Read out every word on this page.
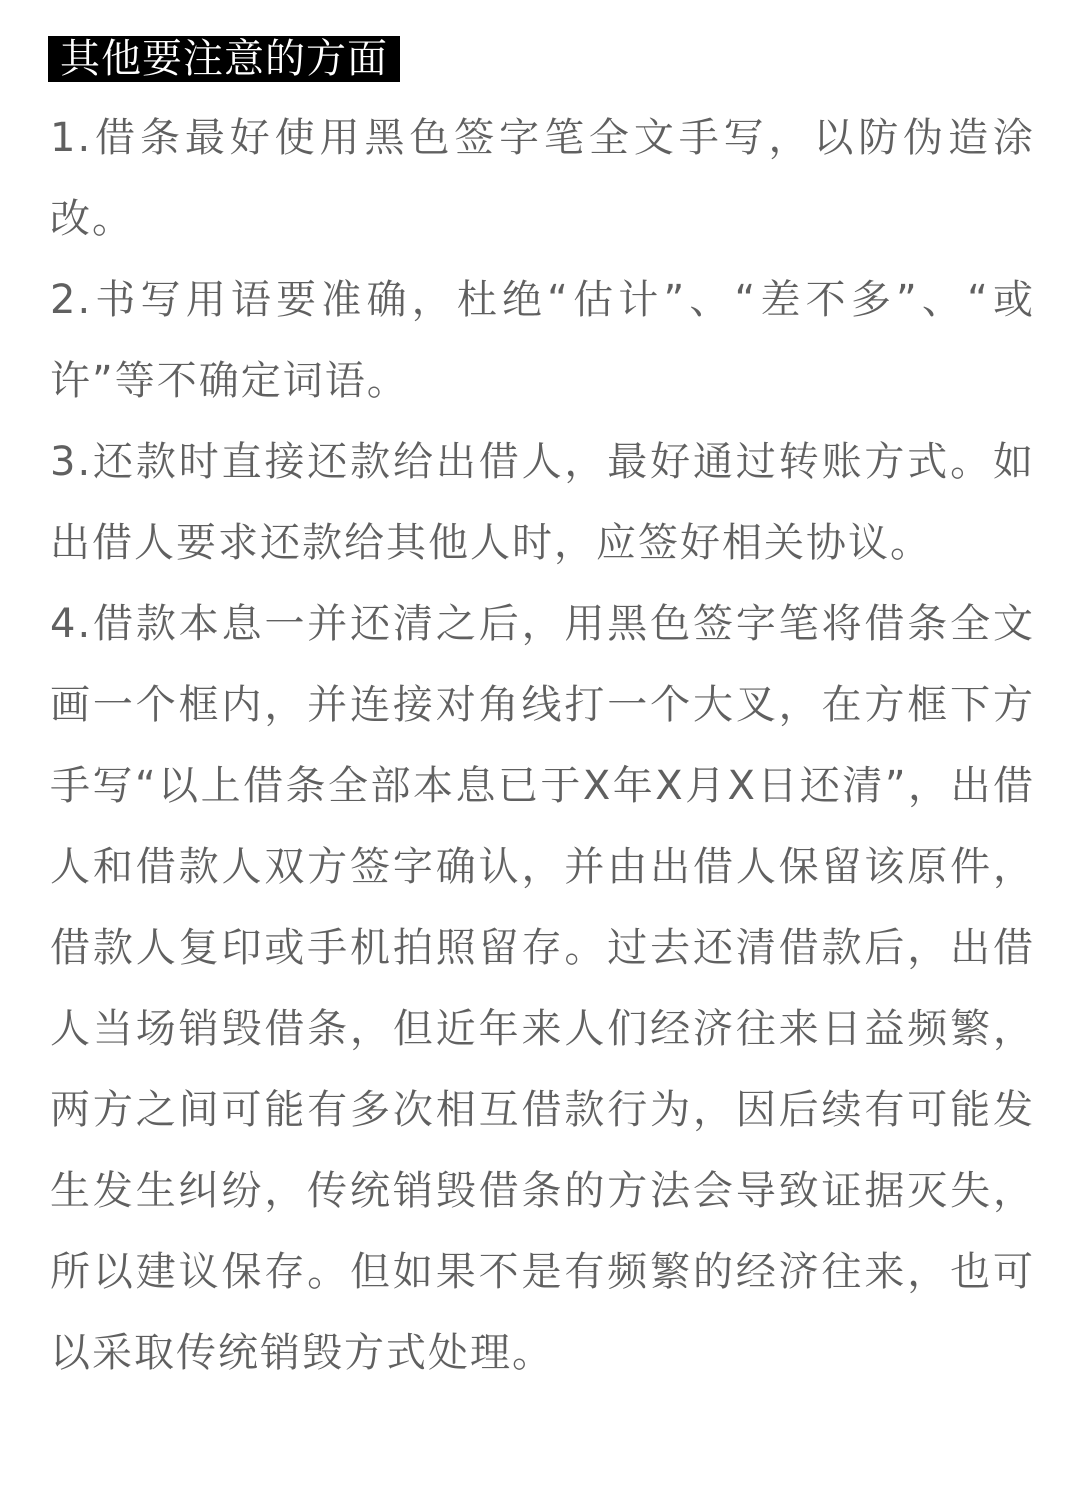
其他要注意的方面

1.借条最好使用黑色签字笔全文手写，以防伪造涂改。

2.书写用语要准确，杜绝“估计”、“差不多”、“或许”等不确定词语。

3.还款时直接还款给出借人，最好通过转账方式。如出借人要求还款给其他人时，应签好相关协议。

4.借款本息一并还清之后，用黑色签字笔将借条全文画一个框内，并连接对角线打一个大叉，在方框下方手写“以上借条全部本息已于X年X月X日还清”，出借人和借款人双方签字确认，并由出借人保留该原件，借款人复印或手机拍照留存。过去还清借款后，出借人当场销毁借条，但近年来人们经济往来日益频繁，两方之间可能有多次相互借款行为，因后续有可能发生发生纠纷，传统销毁借条的方法会导致证据灭失，所以建议保存。但如果不是有频繁的经济往来，也可以采取传统销毁方式处理。
